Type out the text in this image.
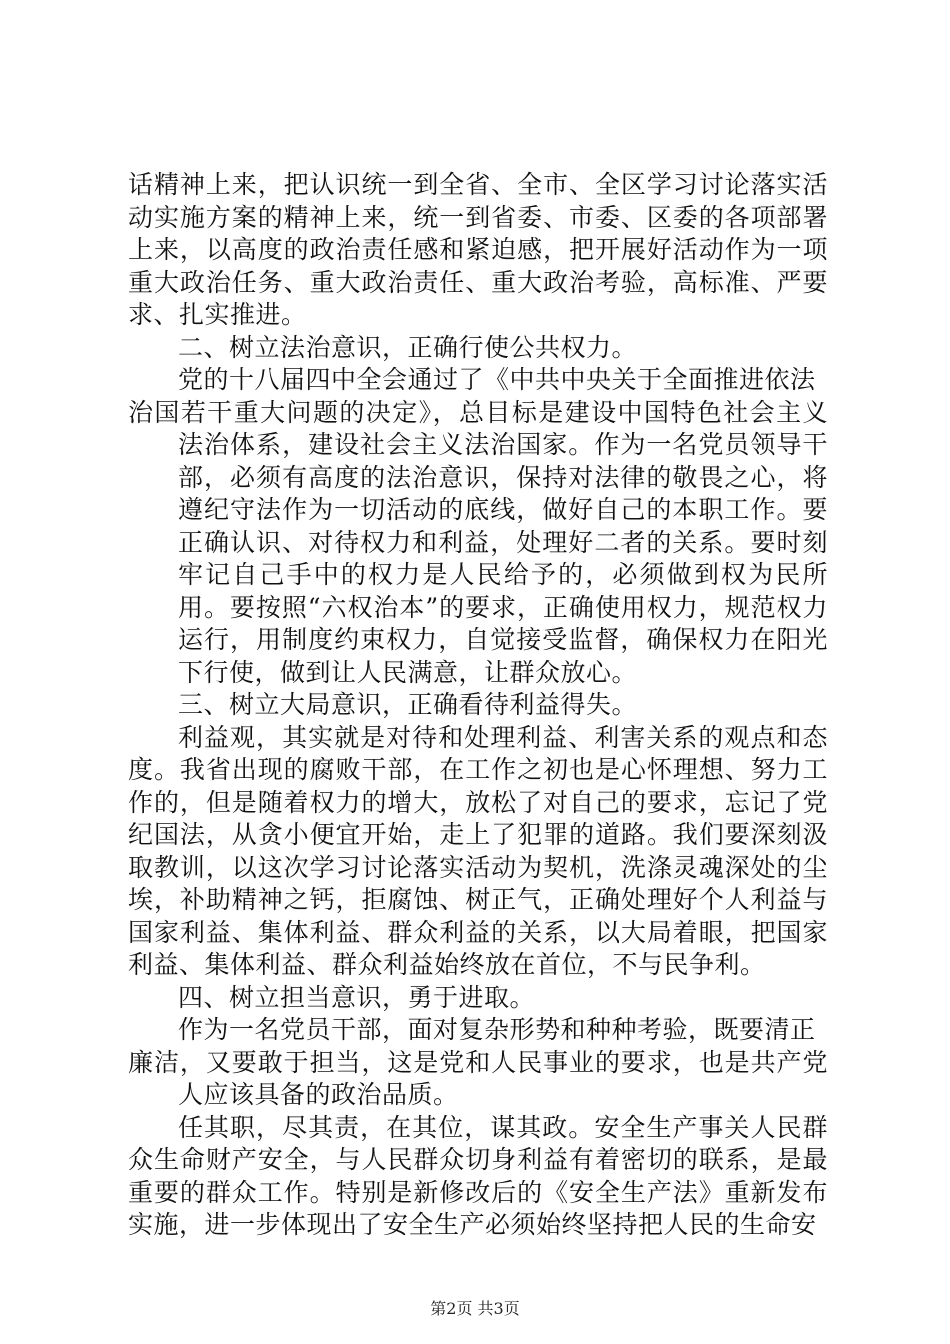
话精神上来，把认识统一到全省、全市、全区学习讨论落实活动实施方案的精神上来，统一到省委、市委、区委的各项部署上来，以高度的政治责任感和紧迫感，把开展好活动作为一项重大政治任务、重大政治责任、重大政治考验，高标准、严要求、扎实推进。

二、树立法治意识，正确行使公共权力。

党的十八届四中全会通过了《中共中央关于全面推进依法

治国若干重大问题的决定》，总目标是建设中国特色社会主义法治体系，建设社会主义法治国家。作为一名党员领导干部，必须有高度的法治意识，保持对法律的敬畏之心，将遵纪守法作为一切活动的底线，做好自己的本职工作。要正确认识、对待权力和利益，处理好二者的关系。要时刻牢记自己手中的权力是人民给予的，必须做到权为民所用。要按照“六权治本”的要求，正确使用权力，规范权力运行，用制度约束权力，自觉接受监督，确保权力在阳光下行使，做到让人民满意，让群众放心。

三、树立大局意识，正确看待利益得失。

利益观，其实就是对待和处理利益、利害关系的观点和态度。我省出现的腐败干部，在工作之初也是心怀理想、努力工作的，但是随着权力的增大，放松了对自己的要求，忘记了党纪国法，从贪小便宜开始，走上了犯罪的道路。我们要深刻汲取教训，以这次学习讨论落实活动为契机，洗涤灵魂深处的尘埃，补助精神之钙，拒腐蚀、树正气，正确处理好个人利益与国家利益、集体利益、群众利益的关系，以大局着眼，把国家利益、集体利益、群众利益始终放在首位，不与民争利。

四、树立担当意识，勇于进取。

作为一名党员干部，面对复杂形势和种种考验，既要清正

廉洁，又要敢于担当，这是党和人民事业的要求，也是共产党人应该具备的政治品质。

任其职，尽其责，在其位，谋其政。安全生产事关人民群众生命财产安全，与人民群众切身利益有着密切的联系，是最重要的群众工作。特别是新修改后的《安全生产法》重新发布实施，进一步体现出了安全生产必须始终坚持把人民的生命安

第2页 共3页
